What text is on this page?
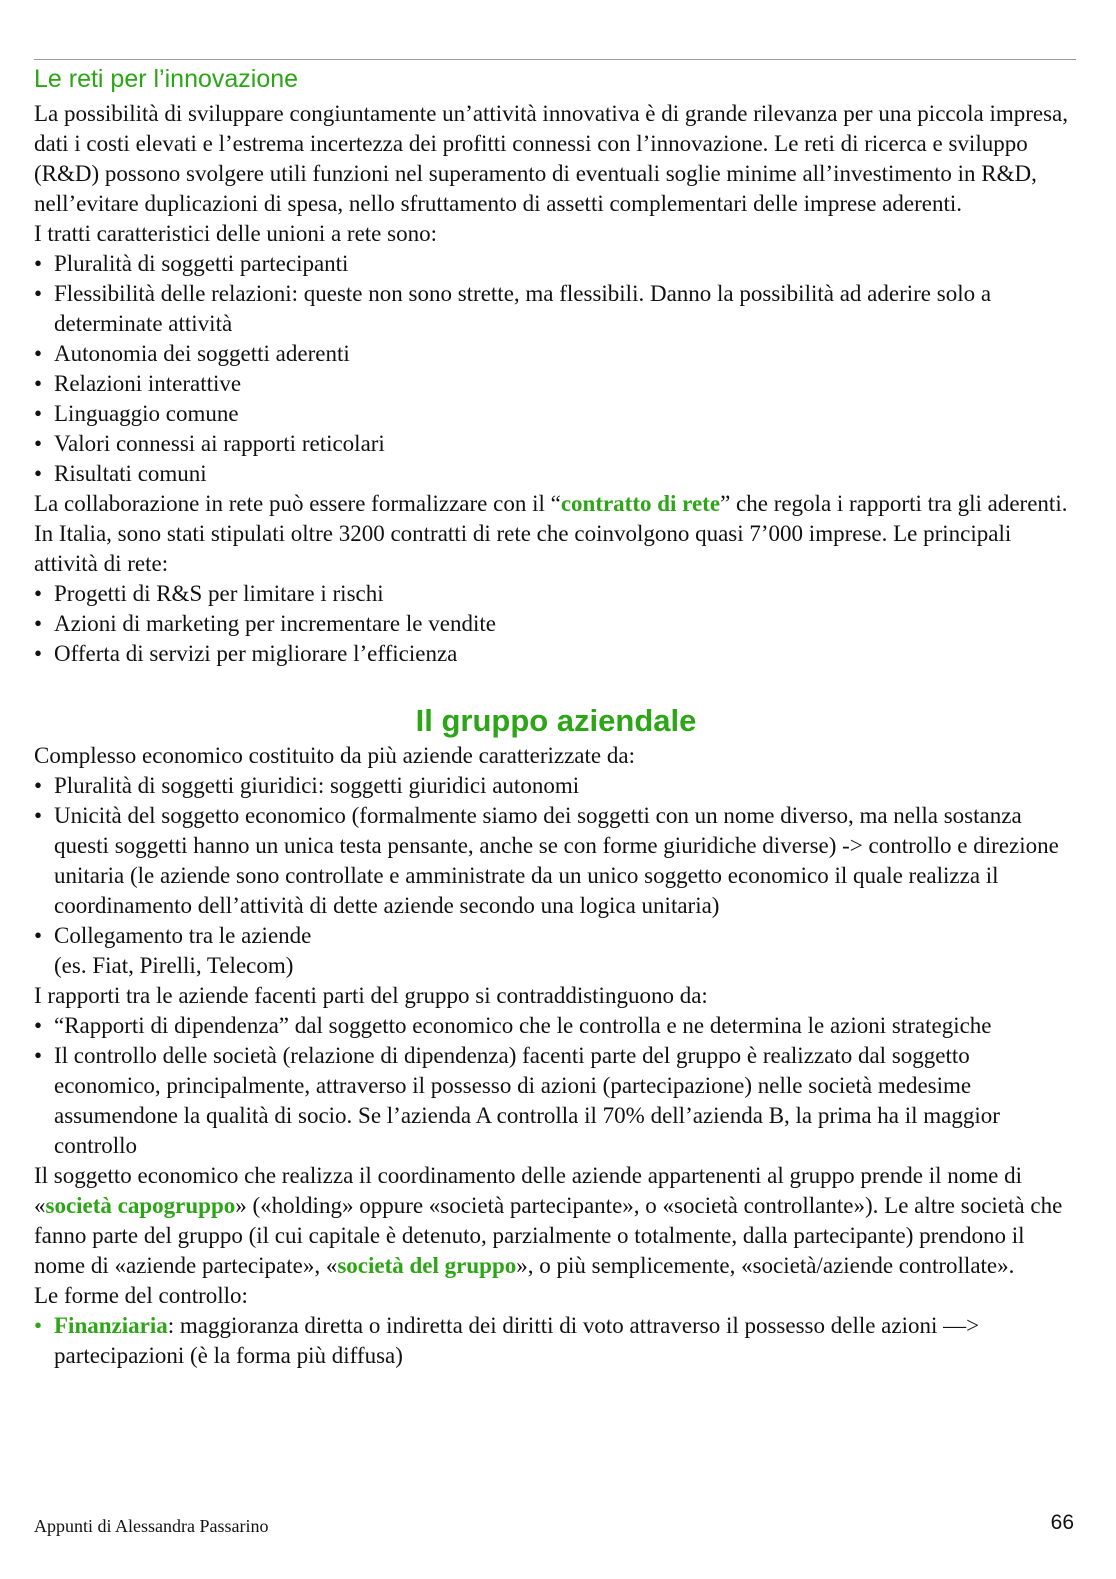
Le reti per l’innovazione

La possibilità di sviluppare congiuntamente un’attività innovativa è di grande rilevanza per una piccola impresa, dati i costi elevati e l’estrema incertezza dei profitti connessi con l’innovazione. Le reti di ricerca e sviluppo (R&D) possono svolgere utili funzioni nel superamento di eventuali soglie minime all’investimento in R&D, nell’evitare duplicazioni di spesa, nello sfruttamento di assetti complementari delle imprese aderenti.

I tratti caratteristici delle unioni a rete sono:

• Pluralità di soggetti partecipanti
• Flessibilità delle relazioni: queste non sono strette, ma flessibili. Danno la possibilità ad aderire solo a determinate attività
• Autonomia dei soggetti aderenti
• Relazioni interattive
• Linguaggio comune
• Valori connessi ai rapporti reticolari
• Risultati comuni

La collaborazione in rete può essere formalizzare con il “contratto di rete” che regola i rapporti tra gli aderenti. In Italia, sono stati stipulati oltre 3200 contratti di rete che coinvolgono quasi 7’000 imprese. Le principali attività di rete:

• Progetti di R&S per limitare i rischi
• Azioni di marketing per incrementare le vendite
• Offerta di servizi per migliorare l’efficienza
Il gruppo aziendale

Complesso economico costituito da più aziende caratterizzate da:

• Pluralità di soggetti giuridici: soggetti giuridici autonomi
• Unicità del soggetto economico (formalmente siamo dei soggetti con un nome diverso, ma nella sostanza questi soggetti hanno un unica testa pensante, anche se con forme giuridiche diverse) -> controllo e direzione unitaria (le aziende sono controllate e amministrate da un unico soggetto economico il quale realizza il coordinamento dell’attività di dette aziende secondo una logica unitaria)
• Collegamento tra le aziende

(es. Fiat, Pirelli, Telecom)

I rapporti tra le aziende facenti parti del gruppo si contraddistinguono da:

• “Rapporti di dipendenza” dal soggetto economico che le controlla e ne determina le azioni strategiche
• Il controllo delle società (relazione di dipendenza) facenti parte del gruppo è realizzato dal soggetto economico, principalmente, attraverso il possesso di azioni (partecipazione) nelle società medesime assumendone la qualità di socio. Se l’azienda A controlla il 70% dell’azienda B, la prima ha il maggior controllo

Il soggetto economico che realizza il coordinamento delle aziende appartenenti al gruppo prende il nome di «società capogruppo» («holding» oppure «società partecipante», o «società controllante»). Le altre società che fanno parte del gruppo (il cui capitale è detenuto, parzialmente o totalmente, dalla partecipante) prendono il nome di «aziende partecipate», «società del gruppo», o più semplicemente, «società/aziende controllate».

Le forme del controllo:

• Finanziaria: maggioranza diretta o indiretta dei diritti di voto attraverso il possesso delle azioni —> partecipazioni (è la forma più diffusa)
Appunti di Alessandra Passarino	66
